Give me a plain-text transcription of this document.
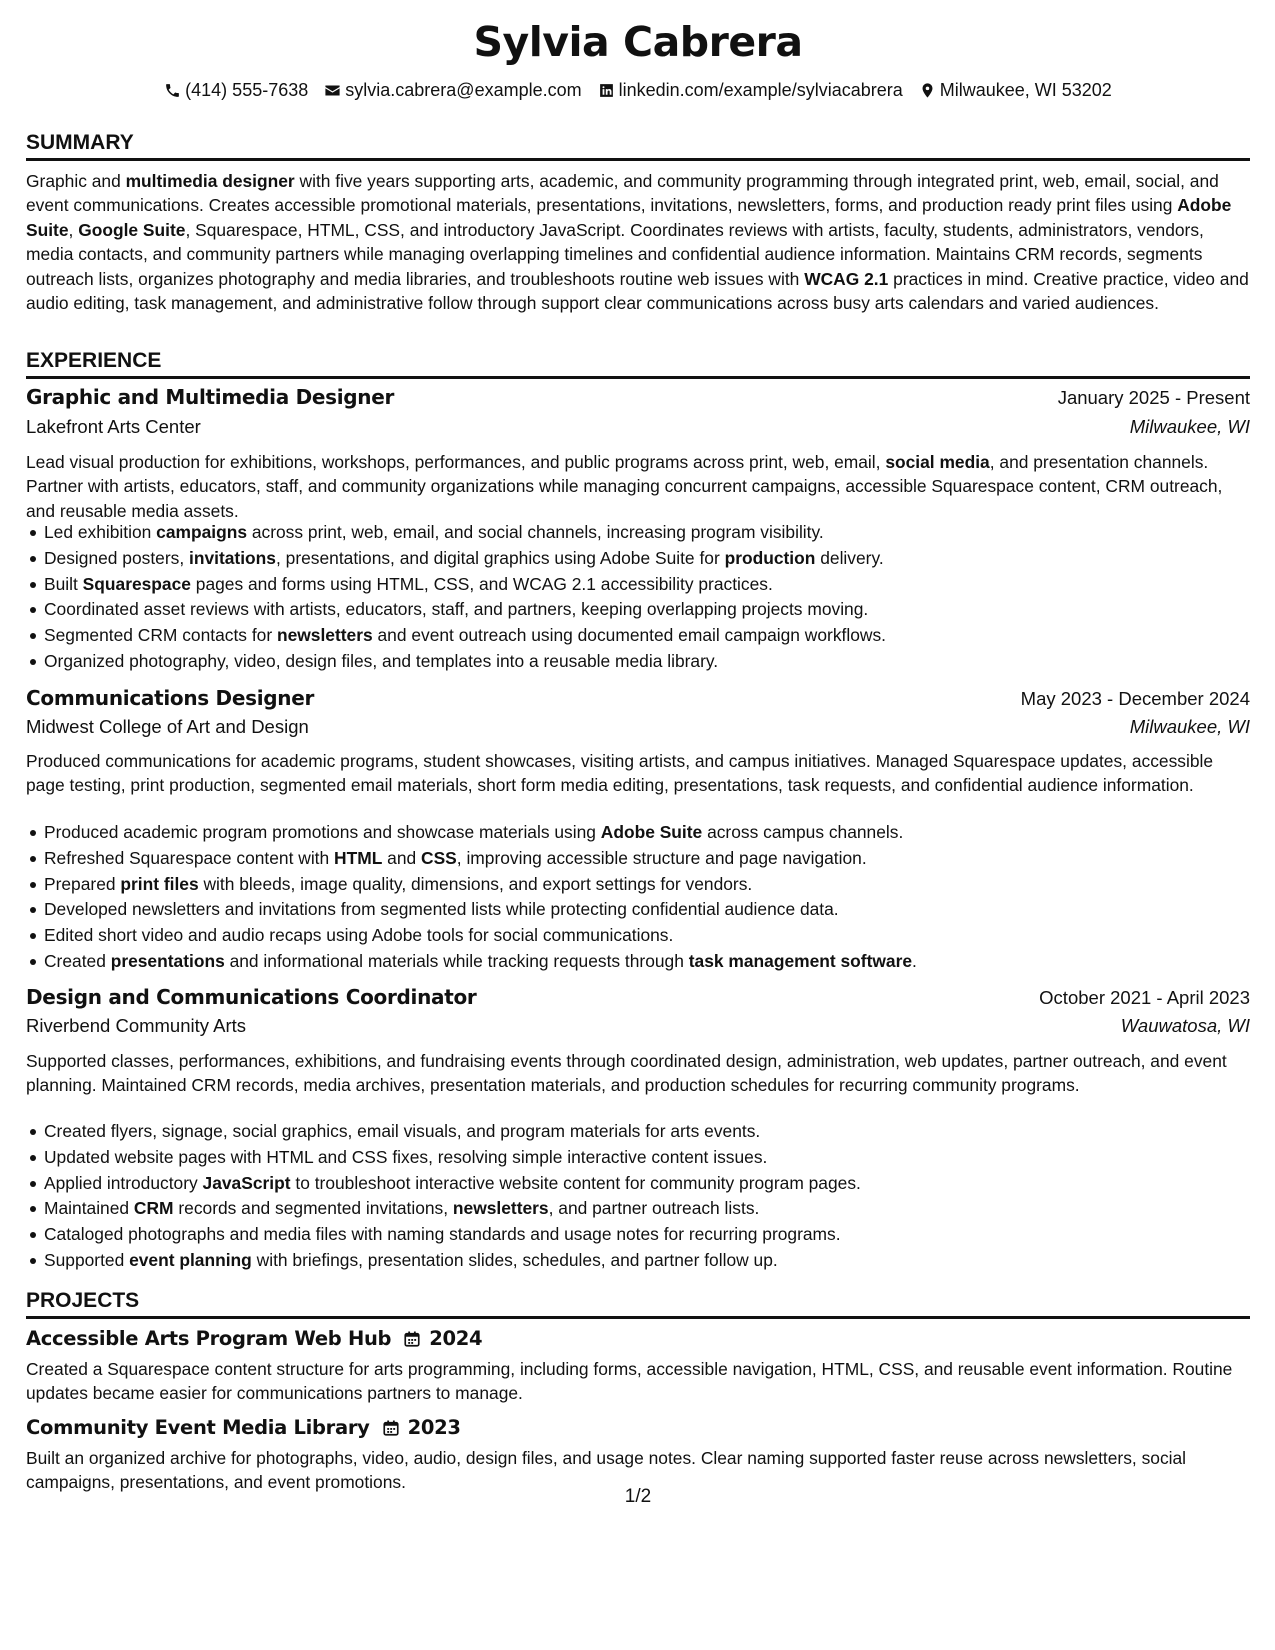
Sylvia Cabrera
(414) 555-7638 sylvia.cabrera@example.com linkedin.com/example/sylviacabrera Milwaukee, WI 53202
SUMMARY
Graphic and multimedia designer with five years supporting arts, academic, and community programming through integrated print, web, email, social, and event communications. Creates accessible promotional materials, presentations, invitations, newsletters, forms, and production ready print files using Adobe Suite, Google Suite, Squarespace, HTML, CSS, and introductory JavaScript. Coordinates reviews with artists, faculty, students, administrators, vendors, media contacts, and community partners while managing overlapping timelines and confidential audience information. Maintains CRM records, segments outreach lists, organizes photography and media libraries, and troubleshoots routine web issues with WCAG 2.1 practices in mind. Creative practice, video and audio editing, task management, and administrative follow through support clear communications across busy arts calendars and varied audiences.
EXPERIENCE
Graphic and Multimedia Designer	January 2025 - Present
Lakefront Arts Center	Milwaukee, WI
Lead visual production for exhibitions, workshops, performances, and public programs across print, web, email, social media, and presentation channels. Partner with artists, educators, staff, and community organizations while managing concurrent campaigns, accessible Squarespace content, CRM outreach, and reusable media assets.
Led exhibition campaigns across print, web, email, and social channels, increasing program visibility.
Designed posters, invitations, presentations, and digital graphics using Adobe Suite for production delivery.
Built Squarespace pages and forms using HTML, CSS, and WCAG 2.1 accessibility practices.
Coordinated asset reviews with artists, educators, staff, and partners, keeping overlapping projects moving.
Segmented CRM contacts for newsletters and event outreach using documented email campaign workflows.
Organized photography, video, design files, and templates into a reusable media library.
Communications Designer	May 2023 - December 2024
Midwest College of Art and Design	Milwaukee, WI
Produced communications for academic programs, student showcases, visiting artists, and campus initiatives. Managed Squarespace updates, accessible page testing, print production, segmented email materials, short form media editing, presentations, task requests, and confidential audience information.
Produced academic program promotions and showcase materials using Adobe Suite across campus channels.
Refreshed Squarespace content with HTML and CSS, improving accessible structure and page navigation.
Prepared print files with bleeds, image quality, dimensions, and export settings for vendors.
Developed newsletters and invitations from segmented lists while protecting confidential audience data.
Edited short video and audio recaps using Adobe tools for social communications.
Created presentations and informational materials while tracking requests through task management software.
Design and Communications Coordinator	October 2021 - April 2023
Riverbend Community Arts	Wauwatosa, WI
Supported classes, performances, exhibitions, and fundraising events through coordinated design, administration, web updates, partner outreach, and event planning. Maintained CRM records, media archives, presentation materials, and production schedules for recurring community programs.
Created flyers, signage, social graphics, email visuals, and program materials for arts events.
Updated website pages with HTML and CSS fixes, resolving simple interactive content issues.
Applied introductory JavaScript to troubleshoot interactive website content for community program pages.
Maintained CRM records and segmented invitations, newsletters, and partner outreach lists.
Cataloged photographs and media files with naming standards and usage notes for recurring programs.
Supported event planning with briefings, presentation slides, schedules, and partner follow up.
PROJECTS
Accessible Arts Program Web Hub 2024
Created a Squarespace content structure for arts programming, including forms, accessible navigation, HTML, CSS, and reusable event information. Routine updates became easier for communications partners to manage.
Community Event Media Library 2023
Built an organized archive for photographs, video, audio, design files, and usage notes. Clear naming supported faster reuse across newsletters, social campaigns, presentations, and event promotions.
1/2
